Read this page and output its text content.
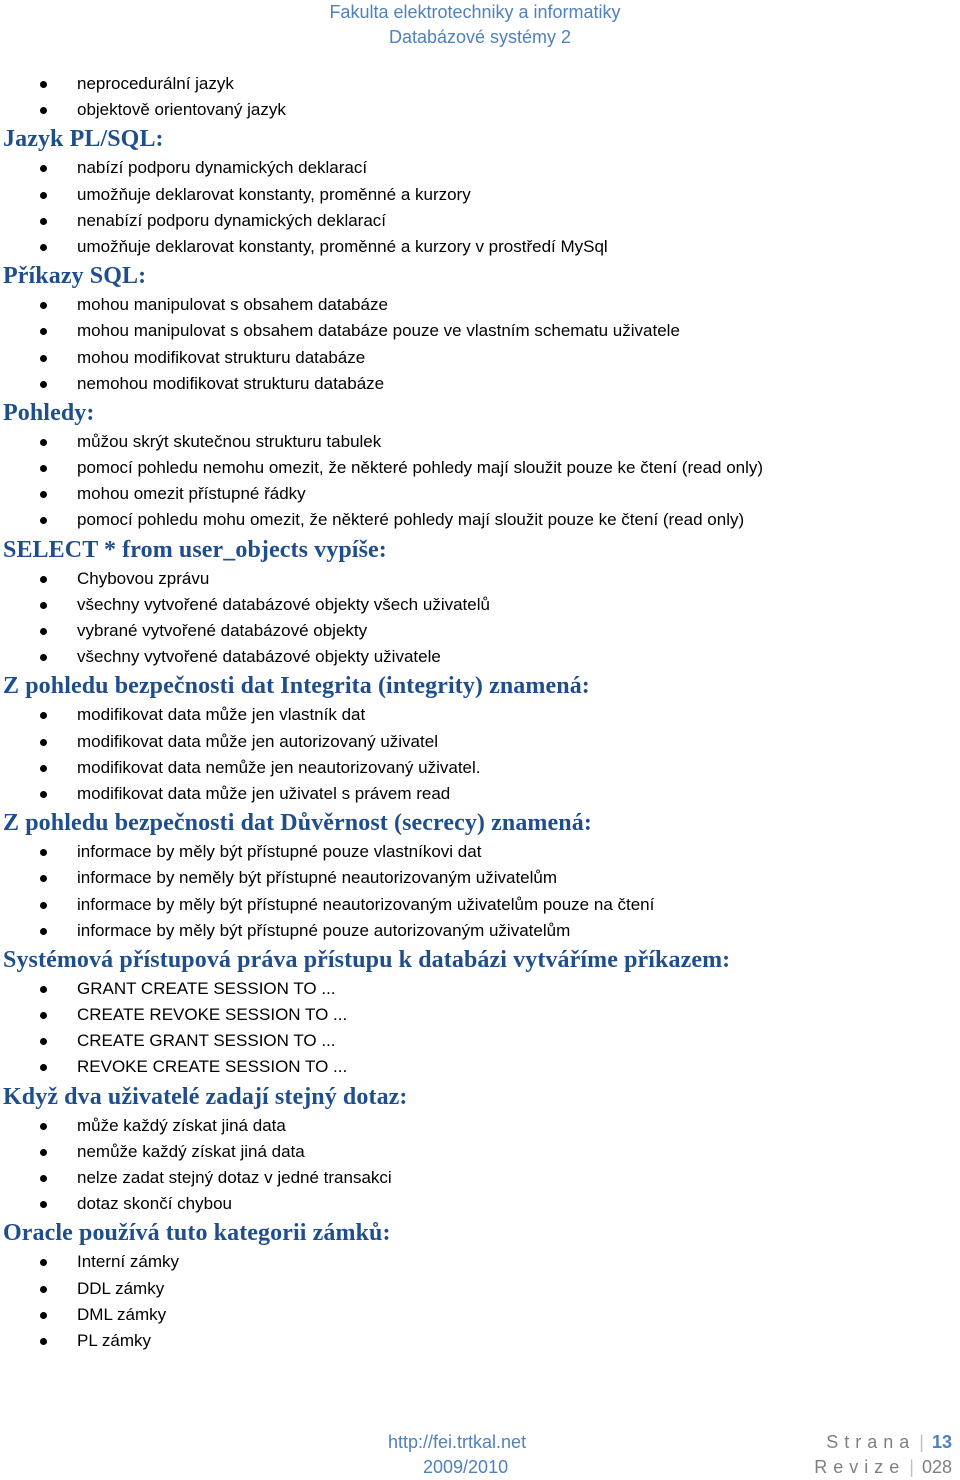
Fakulta elektrotechniky a informatiky
Databázové systémy 2
neprocedurální jazyk
objektově orientovaný jazyk
Jazyk PL/SQL:
nabízí podporu dynamických deklarací
umožňuje deklarovat konstanty, proměnné a kurzory
nenabízí podporu dynamických deklarací
umožňuje deklarovat konstanty, proměnné a kurzory v prostředí MySql
Příkazy SQL:
mohou manipulovat s obsahem databáze
mohou manipulovat s obsahem databáze pouze ve vlastním schematu uživatele
mohou modifikovat strukturu databáze
nemohou modifikovat strukturu databáze
Pohledy:
můžou skrýt skutečnou strukturu tabulek
pomocí pohledu nemohu omezit, že některé pohledy mají sloužit pouze ke čtení (read only)
mohou omezit přístupné řádky
pomocí pohledu mohu omezit, že některé pohledy mají sloužit pouze ke čtení (read only)
SELECT * from user_objects vypíše:
Chybovou zprávu
všechny vytvořené databázové objekty všech uživatelů
vybrané vytvořené databázové objekty
všechny vytvořené databázové objekty uživatele
Z pohledu bezpečnosti dat Integrita (integrity) znamená:
modifikovat data může jen vlastník dat
modifikovat data může jen autorizovaný uživatel
modifikovat data nemůže jen neautorizovaný uživatel.
modifikovat data může jen uživatel s právem read
Z pohledu bezpečnosti dat Důvěrnost (secrecy) znamená:
informace by měly být přístupné pouze vlastníkovi dat
informace by neměly být přístupné neautorizovaným uživatelům
informace by měly být přístupné neautorizovaným uživatelům pouze na čtení
informace by měly být přístupné pouze autorizovaným uživatelům
Systémová přístupová práva přístupu k databázi vytváříme příkazem:
GRANT CREATE SESSION TO ...
CREATE REVOKE SESSION TO ...
CREATE GRANT SESSION TO ...
REVOKE CREATE SESSION TO ...
Když dva uživatelé zadají stejný dotaz:
může každý získat jiná data
nemůže každý získat jiná data
nelze zadat stejný dotaz v jedné transakci
dotaz skončí chybou
Oracle používá tuto kategorii zámků:
Interní zámky
DDL zámky
DML zámky
PL zámky
http://fei.trtkal.net
2009/2010
Strana | 13
Revize | 028
